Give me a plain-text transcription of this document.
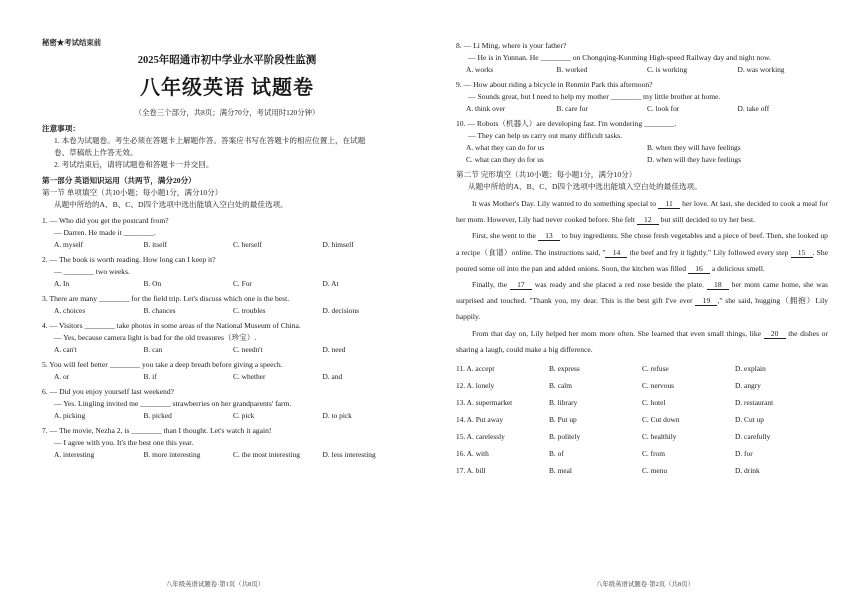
秘密★考试结束前
2025年昭通市初中学业水平阶段性监测
八年级英语 试题卷
（全卷三个部分，共8页；满分70分，考试用时120分钟）
注意事项：
1. 本卷为试题卷。考生必须在答题卡上解题作答。答案应书写在答题卡的相应位置上，在试题
卷、草稿纸上作答无效。
2. 考试结束后，请将试题卷和答题卡一并交回。
第一部分 英语知识运用（共两节，满分20分）
第一节 单项填空（共10小题；每小题1分，满分10分）
从题中所给的A、B、C、D四个选项中选出能填入空白处的最佳选项。
1. — Who did you get the postcard from?
— Darren. He made it ________.
A. myself	B. itself	C. herself	D. himself
2. — The book is worth reading. How long can I keep it?
— ________ two weeks.
A. In	B. On	C. For	D. At
3. There are many ________ for the field trip. Let's discuss which one is the best.
A. choices	B. chances	C. troubles	D. decisions
4. — Visitors ________ take photos in some areas of the National Museum of China.
— Yes, because camera light is bad for the old treasures（珍宝）.
A. can't	B. can	C. needn't	D. need
5. You will feel better ________ you take a deep breath before giving a speech.
A. or	B. if	C. whether	D. and
6. — Did you enjoy yourself last weekend?
— Yes. Lingling invited me ________ strawberries on her grandparents' farm.
A. picking	B. picked	C. pick	D. to pick
7. — The movie, Nezha 2, is ________ than I thought. Let's watch it again!
— I agree with you. It's the best one this year.
A. interesting	B. more interesting	C. the most interesting	D. less interesting
八年级英语试题卷·第1页（共8页）
8. — Li Ming, where is your father?
— He is in Yunnan. He ________ on Chongqing-Kunming High-speed Railway day and night now.
A. works	B. worked	C. is working	D. was working
9. — How about riding a bicycle in Renmin Park this afternoon?
— Sounds great, but I need to help my mother ________ my little brother at home.
A. think over	B. care for	C. look for	D. take off
10. — Robots（机器人）are developing fast. I'm wondering ________.
— They can help us carry out many difficult tasks.
A. what they can do for us	B. when they will have feelings
C. what can they do for us	D. when will they have feelings
第二节 完形填空（共10小题；每小题1分，满分10分）
从题中所给的A、B、C、D四个选项中选出能填入空白处的最佳选项。
It was Mother's Day. Lily wanted to do something special to 11 her love. At last, she decided to cook a meal for her mom. However, Lily had never cooked before. She felt 12 but still decided to try her best.
First, she went to the 13 to buy ingredients. She chose fresh vegetables and a piece of beef. Then, she looked up a recipe（食谱）online. The instructions said, " 14 the beef and fry it lightly." Lily followed every step 15 . She poured some oil into the pan and added onions. Soon, the kitchen was filled 16 a delicious smell.
Finally, the 17 was ready and she placed a red rose beside the plate. 18 her mom came home, she was surprised and touched. "Thank you, my dear. This is the best gift I've ever 19 ," she said, hugging（拥抱）Lily happily.
From that day on, Lily helped her mom more often. She learned that even small things, like 20 the dishes or sharing a laugh, could make a big difference.
11. A. accept	B. express	C. refuse	D. explain
12. A. lonely	B. calm	C. nervous	D. angry
13. A. supermarket	B. library	C. hotel	D. restaurant
14. A. Put away	B. Put up	C. Cut down	D. Cut up
15. A. carelessly	B. politely	C. healthily	D. carefully
16. A. with	B. of	C. from	D. for
17. A. bill	B. meal	C. menu	D. drink
八年级英语试题卷·第2页（共8页）
